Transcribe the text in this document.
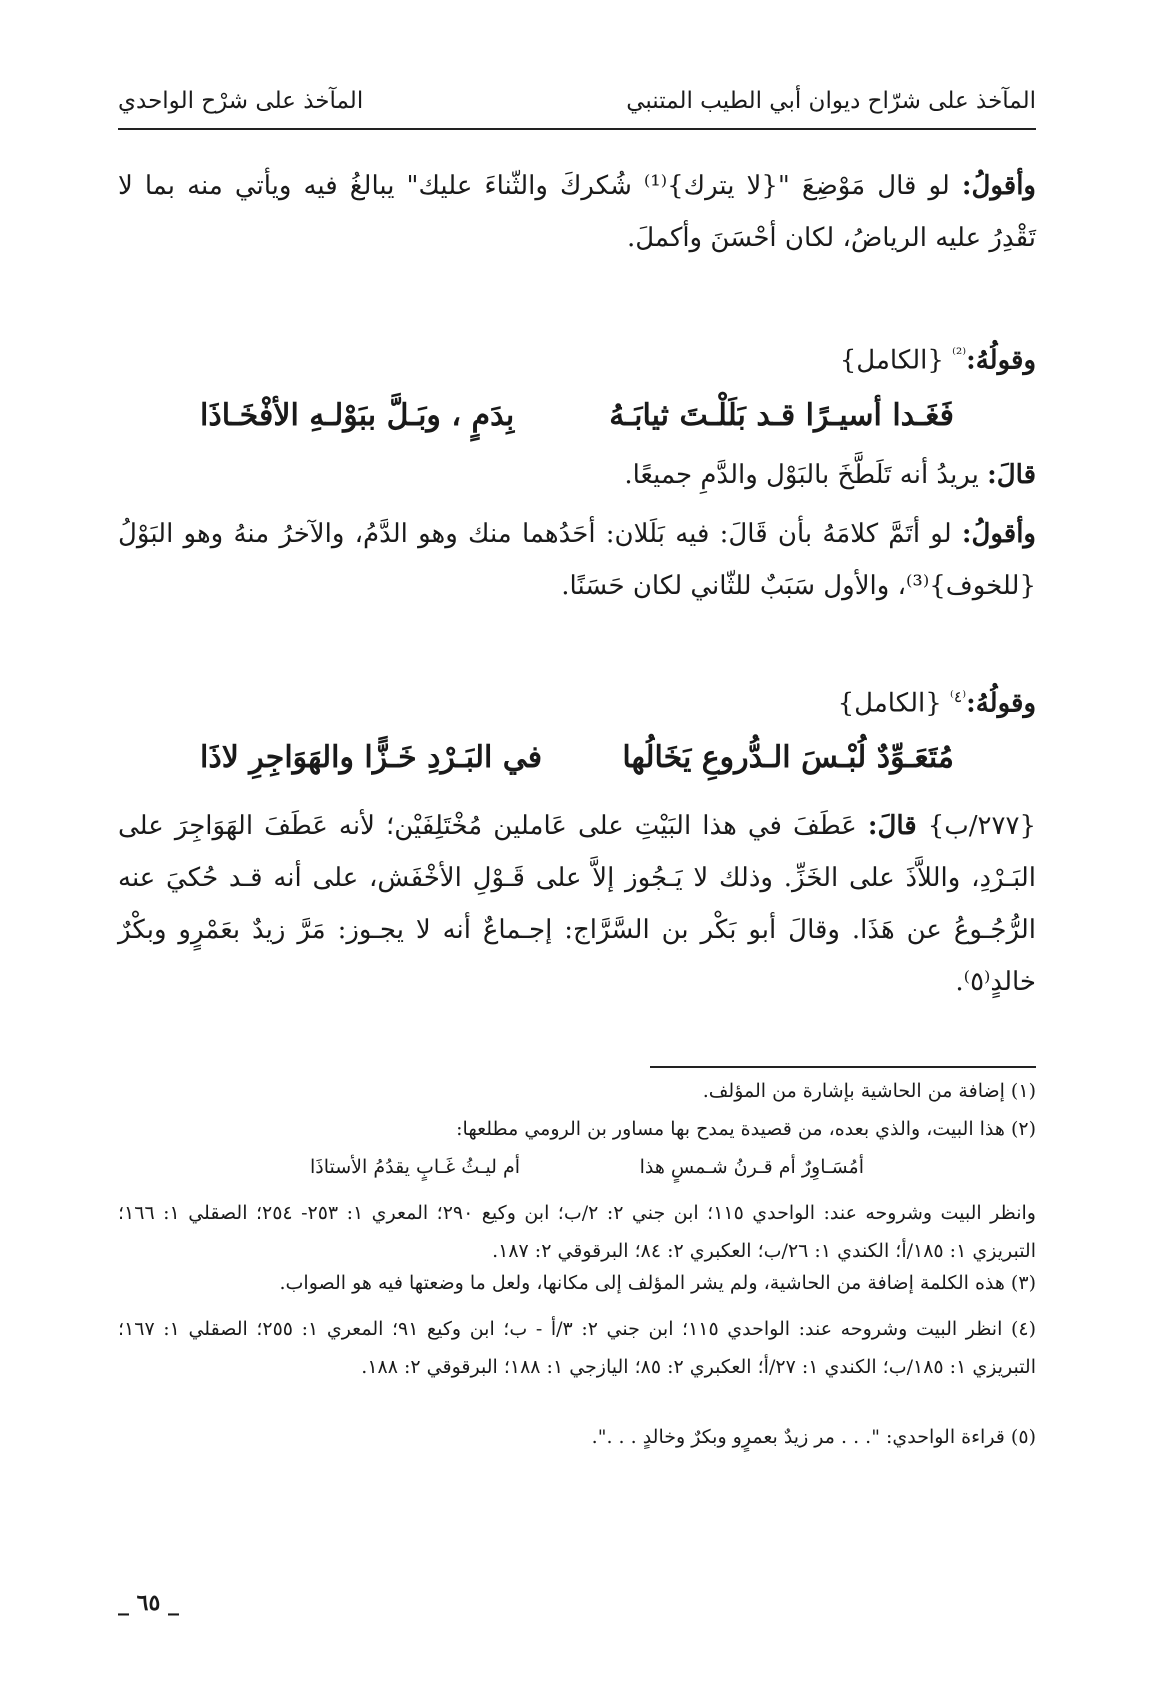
المآخذ على شرّاح ديوان أبي الطيب المتنبي
المآخذ على شرْح الواحدي

وأقولُ: لو قال مَوْضِعَ "{لا يترك}⁽¹⁾ شُكركَ والثّناءَ عليك" يبالغُ فيه ويأتي منه بما لا تَقْدِرُ عليه الرياضُ، لكان أحْسَنَ وأكملَ.

وقولُهُ:$^{^{(2)}}$ {الكامل}
فَغَـدا أسيـرًا قـد بَلَلْـتَ ثيابَـهُ
بِدَمٍ ، وبَـلَّ ببَوْلـهِ الأفْخَـاذَا
قالَ: يريدُ أنه تَلَطَّخَ بالبَوْل والدَّمِ جميعًا.

وأقولُ: لو أتَمَّ كلامَهُ بأن قَالَ: فيه بَلَلان: أحَدُهما منك وهو الدَّمُ، والآخرُ منهُ وهو البَوْلُ {للخوف}⁽³⁾، والأول سَبَبٌ للثّاني لكان حَسَنًا.

وقولُهُ:$^{^(٤^)}$ {الكامل}
مُتَعَـوِّدٌ لُبْـسَ الـدُّروعِ يَخَالُها
في البَـرْدِ خَـزًّا والهَوَاجِرِ لاذَا

{٢٧٧/ب} قالَ: عَطَفَ في هذا البَيْتِ على عَاملين مُخْتَلِفَيْن؛ لأنه عَطَفَ الهَوَاجِرَ على البَـرْدِ، واللاَّذَ على الخَزِّ. وذلك لا يَـجُوز إلاَّ على قَـوْلِ الأخْفَش، على أنه قـد حُكيَ عنه الرُّجُـوعُ عن هَذَا. وقالَ أبو بَكْر بن السَّرَّاج: إجـماعٌ أنه لا يجـوز: مَرَّ زيدٌ بعَمْرٍو وبكْرٌ خالدٍ⁽٥⁾.

(١) إضافة من الحاشية بإشارة من المؤلف.
(٢) هذا البيت، والذي بعده، من قصيدة يمدح بها مساور بن الرومي مطلعها:
أمُسَـاوِرٌ أم قـرنُ شـمسٍ هذا
أم ليـثُ غَـابٍ يقدُمُ الأستاذَا
وانظر البيت وشروحه عند: الواحدي ١١٥؛ ابن جني ٢: ٢/ب؛ ابن وكيع ٢٩٠؛ المعري ١: ٢٥٣- ٢٥٤؛ الصقلي ١: ١٦٦؛ التبريزي ١: ١٨٥/أ؛ الكندي ١: ٢٦/ب؛ العكبري ٢: ٨٤؛ البرقوقي ٢: ١٨٧.
(٣) هذه الكلمة إضافة من الحاشية، ولم يشر المؤلف إلى مكانها، ولعل ما وضعتها فيه هو الصواب.
(٤) انظر البيت وشروحه عند: الواحدي ١١٥؛ ابن جني ٢: ٣/أ - ب؛ ابن وكيع ٩١؛ المعري ١: ٢٥٥؛ الصقلي ١: ١٦٧؛ التبريزي ١: ١٨٥/ب؛ الكندي ١: ٢٧/أ؛ العكبري ٢: ٨٥؛ اليازجي ١: ١٨٨؛ البرقوقي ٢: ١٨٨.
(٥) قراءة الواحدي: ". . . مر زيدٌ بعمرٍو وبكرٌ وخالدٍ . . .".
_ ٦٥ _
